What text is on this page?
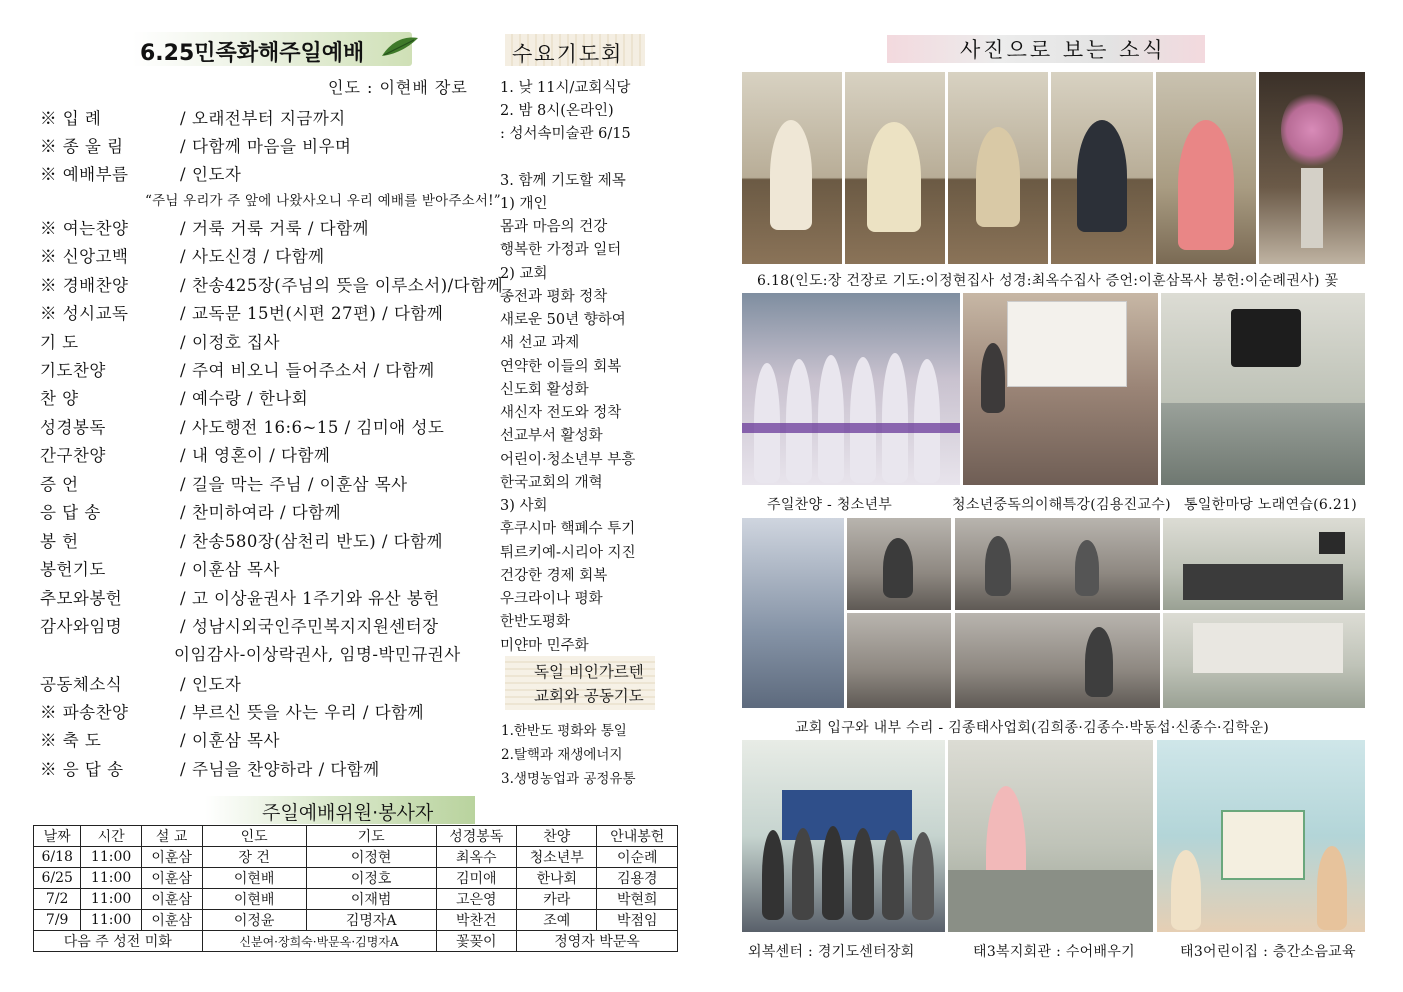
6.25민족화해주일예배
인도 : 이현배 장로
※ 입 례	/ 오래전부터 지금까지
※ 종 울 림	/ 다함께 마음을 비우며
※ 예배부름	/ 인도자
“주님 우리가 주 앞에 나왔사오니 우리 예배를 받아주소서!”
※ 여는찬양	/ 거룩 거룩 거룩 / 다함께
※ 신앙고백	/ 사도신경 / 다함께
※ 경배찬양	/ 찬송425장(주님의 뜻을 이루소서)/다함께
※ 성시교독	/ 교독문 15번(시편 27편) / 다함께
기 도	/ 이정호 집사
기도찬양	/ 주여 비오니 들어주소서 / 다함께
찬 양	/ 예수랑 / 한나회
성경봉독	/ 사도행전 16:6~15 / 김미애 성도
간구찬양	/ 내 영혼이 / 다함께
증 언	/ 길을 막는 주님 / 이훈삼 목사
응 답 송	/ 찬미하여라 / 다함께
봉 헌	/ 찬송580장(삼천리 반도) / 다함께
봉헌기도	/ 이훈삼 목사
추모와봉헌	/ 고 이상윤권사 1주기와 유산 봉헌
감사와임명	/ 성남시외국인주민복지지원센터장
이임감사-이상락권사, 임명-박민규권사
공동체소식	/ 인도자
※ 파송찬양	/ 부르신 뜻을 사는 우리 / 다함께
※ 축 도	/ 이훈삼 목사
※ 응 답 송	/ 주님을 찬양하라 / 다함께
주일예배위원·봉사자
날짜	시간	설 교	인도	기도	성경봉독	찬양	안내봉헌
6/18	11:00	이훈삼	장 건	이정현	최옥수	청소년부	이순례
6/25	11:00	이훈삼	이현배	이정호	김미애	한나회	김용경
7/2	11:00	이훈삼	이현배	이재범	고은영	카라	박현희
7/9	11:00	이훈삼	이정윤	김명자A	박찬건	조예	박점임
다음 주 성전 미화			신분여·장희숙·박문옥·김명자A		꽃꽂이	정영자 박문옥	
수요기도회
1. 낮 11시/교회식당
2. 밤 8시(온라인)
: 성서속미술관 6/15
3. 함께 기도할 제목
1) 개인
몸과 마음의 건강
행복한 가정과 일터
2) 교회
종전과 평화 정착
새로운 50년 향하여
새 선교 과제
연약한 이들의 회복
신도회 활성화
새신자 전도와 정착
선교부서 활성화
어린이·청소년부 부흥
한국교회의 개혁
3) 사회
후쿠시마 핵폐수 투기
튀르키예-시리아 지진
건강한 경제 회복
우크라이나 평화
한반도평화
미얀마 민주화
독일 비인가르텐
교회와 공동기도
1.한반도 평화와 통일
2.탈핵과 재생에너지
3.생명농업과 공정유통
사진으로 보는 소식
6.18(인도:장 건장로 기도:이정현집사 성경:최옥수집사 증언:이훈삼목사 봉헌:이순례권사) 꽃
주일찬양 - 청소년부	청소년중독의이해특강(김용진교수) 통일한마당 노래연습(6.21)
교회 입구와 내부 수리 - 김종태사업회(김희종·김종수·박동섭·신종수·김학운)
외복센터 : 경기도센터장회	태3복지회관 : 수어배우기	태3어린이집 : 층간소음교육
